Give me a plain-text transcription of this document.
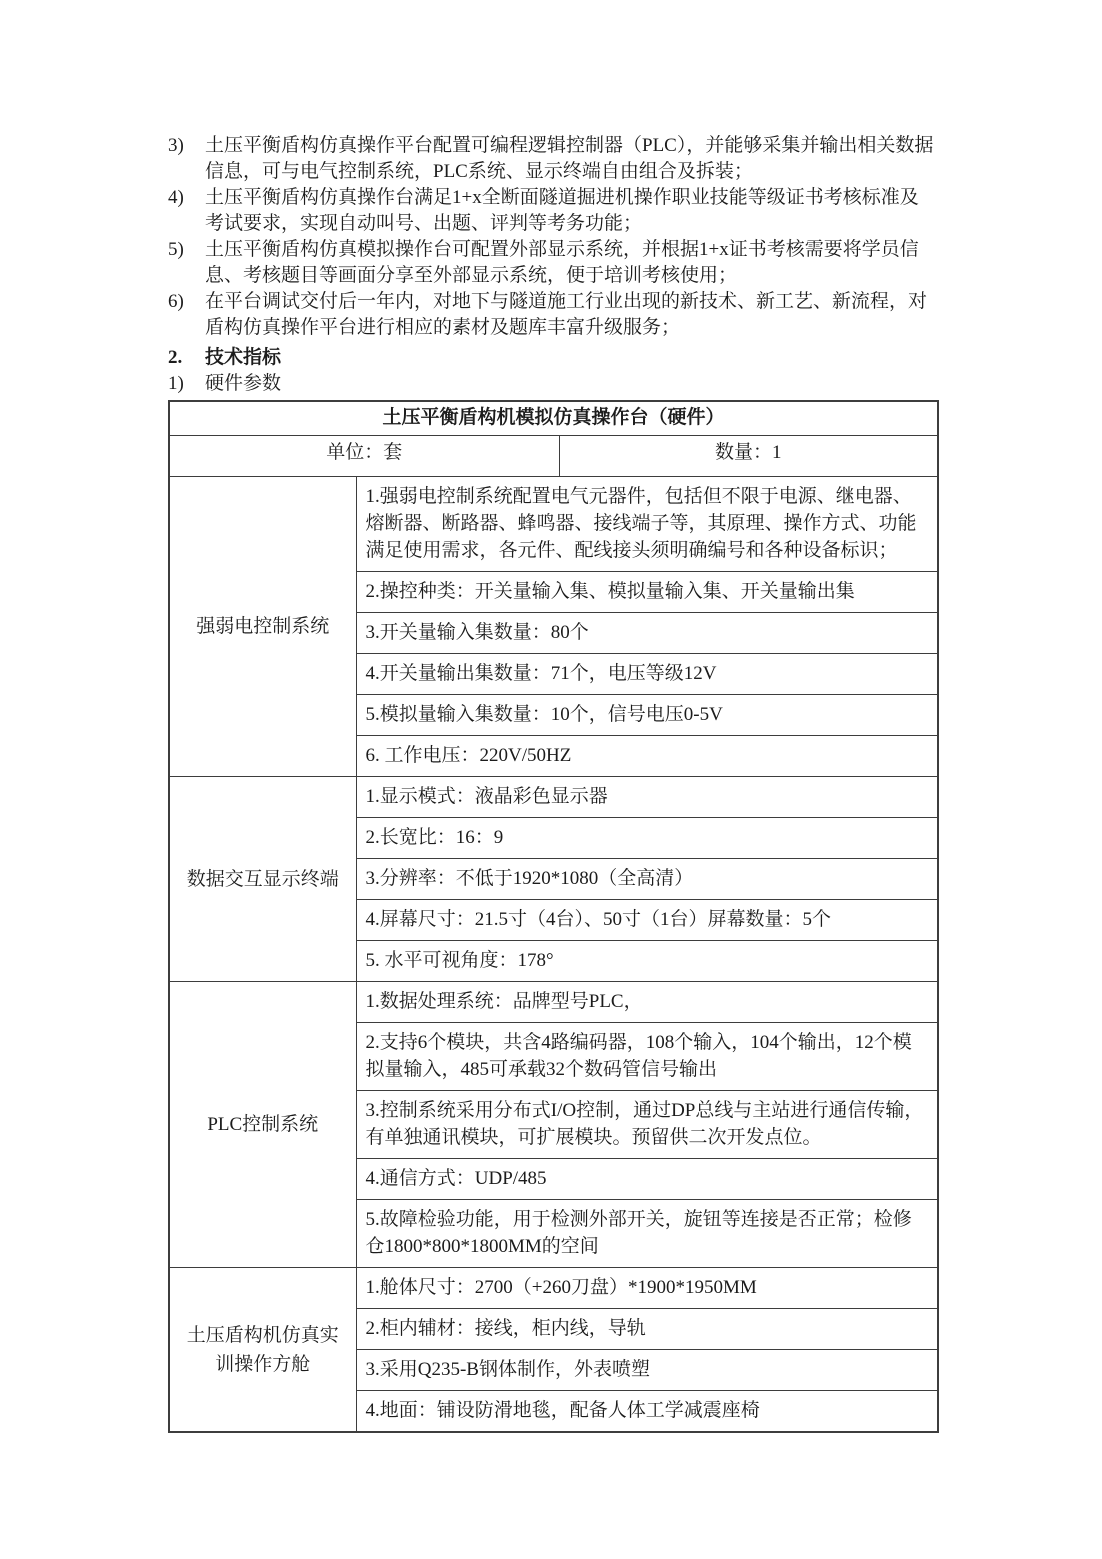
3)	土压平衡盾构仿真操作平台配置可编程逻辑控制器（PLC），并能够采集并输出相关数据信息，可与电气控制系统，PLC系统、显示终端自由组合及拆装；
4)	土压平衡盾构仿真操作台满足1+x全断面隧道掘进机操作职业技能等级证书考核标准及考试要求，实现自动叫号、出题、评判等考务功能；
5)	土压平衡盾构仿真模拟操作台可配置外部显示系统，并根据1+x证书考核需要将学员信息、考核题目等画面分享至外部显示系统，便于培训考核使用；
6)	在平台调试交付后一年内，对地下与隧道施工行业出现的新技术、新工艺、新流程，对盾构仿真操作平台进行相应的素材及题库丰富升级服务；
2.	技术指标
1)	硬件参数
土压平衡盾构机模拟仿真操作台（硬件）		
单位：套		数量：1
强弱电控制系统	1.强弱电控制系统配置电气元器件，包括但不限于电源、继电器、熔断器、断路器、蜂鸣器、接线端子等，其原理、操作方式、功能满足使用需求，各元件、配线接头须明确编号和各种设备标识；	
	2.操控种类：开关量输入集、模拟量输入集、开关量输出集	
	3.开关量输入集数量：80个	
	4.开关量输出集数量：71个，电压等级12V	
	5.模拟量输入集数量：10个，信号电压0-5V	
	6. 工作电压：220V/50HZ	
数据交互显示终端	1.显示模式：液晶彩色显示器	
	2.长宽比：16：9	
	3.分辨率：不低于1920*1080（全高清）	
	4.屏幕尺寸：21.5寸（4台）、50寸（1台）屏幕数量：5个	
	5. 水平可视角度：178°	
PLC控制系统	1.数据处理系统：品牌型号PLC，	
	2.支持6个模块，共含4路编码器，108个输入，104个输出，12个模拟量输入，485可承载32个数码管信号输出	
	3.控制系统采用分布式I/O控制，通过DP总线与主站进行通信传输，有单独通讯模块，可扩展模块。预留供二次开发点位。	
	4.通信方式：UDP/485	
	5.故障检验功能，用于检测外部开关，旋钮等连接是否正常；检修仓1800*800*1800MM的空间	
土压盾构机仿真实训操作方舱	1.舱体尺寸：2700（+260刀盘）*1900*1950MM	
	2.柜内辅材：接线，柜内线，导轨	
	3.采用Q235-B钢体制作，外表喷塑	
	4.地面：铺设防滑地毯，配备人体工学减震座椅	
